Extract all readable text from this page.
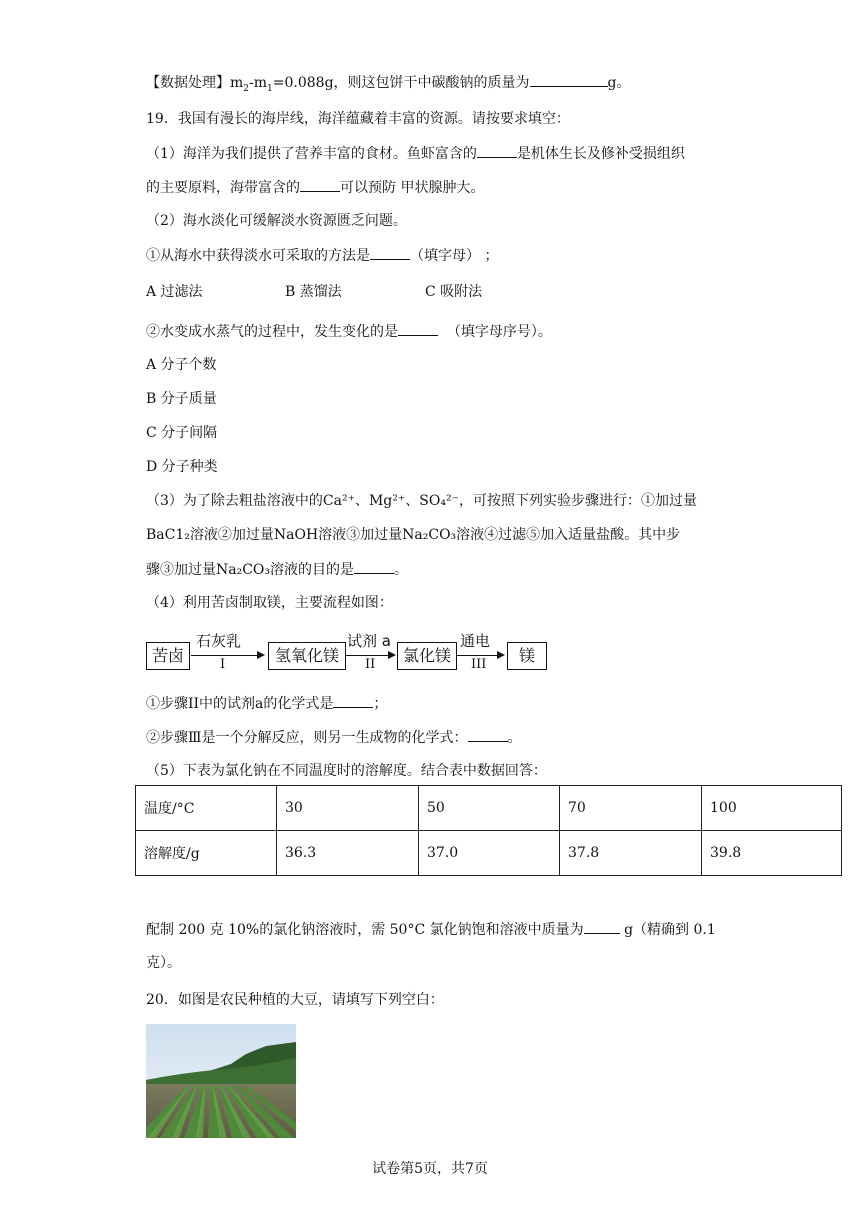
【数据处理】$m_2-m_1=0.088g$，则这包饼干中碳酸钠的质量为	g。
19．我国有漫长的海岸线，海洋蕴藏着丰富的资源。请按要求填空：
（1）海洋为我们提供了营养丰富的食材。鱼虾富含的	是机体生长及修补受损组织
的主要原料，海带富含的	可以预防 甲状腺肿大。
（2）海水淡化可缓解淡水资源匮乏问题。
①从海水中获得淡水可采取的方法是	（填字母） ；
A 过滤法	B 蒸馏法	C 吸附法
②水变成水蒸气的过程中，发生变化的是	（填字母序号）。
A 分子个数
B 分子质量
C 分子间隔
D 分子种类
（3）为了除去粗盐溶液中的Ca²⁺、Mg²⁺、SO₄²⁻，可按照下列实验步骤进行：①加过量
BaC1₂溶液②加过量NaOH溶液③加过量Na₂CO₃溶液④过滤⑤加入适量盐酸。其中步
骤③加过量Na₂CO₃溶液的目的是	。
（4）利用苦卤制取镁，主要流程如图：
苦卤
石灰乳
I	氢氧化镁
试剂 a
II	氯化镁
通电
III	镁
①步骤II中的试剂a的化学式是	；
②步骤Ⅲ是一个分解反应，则另一生成物的化学式：	。
（5）下表为氯化钠在不同温度时的溶解度。结合表中数据回答：
温度/°C	30	50	70	100
溶解度/g	36.3	37.0	37.8	39.8
配制 200 克 10%的氯化钠溶液时，需 50°C 氯化钠饱和溶液中质量为	g（精确到 0.1
克）。
20．如图是农民种植的大豆，请填写下列空白：
试卷第5页，共7页
